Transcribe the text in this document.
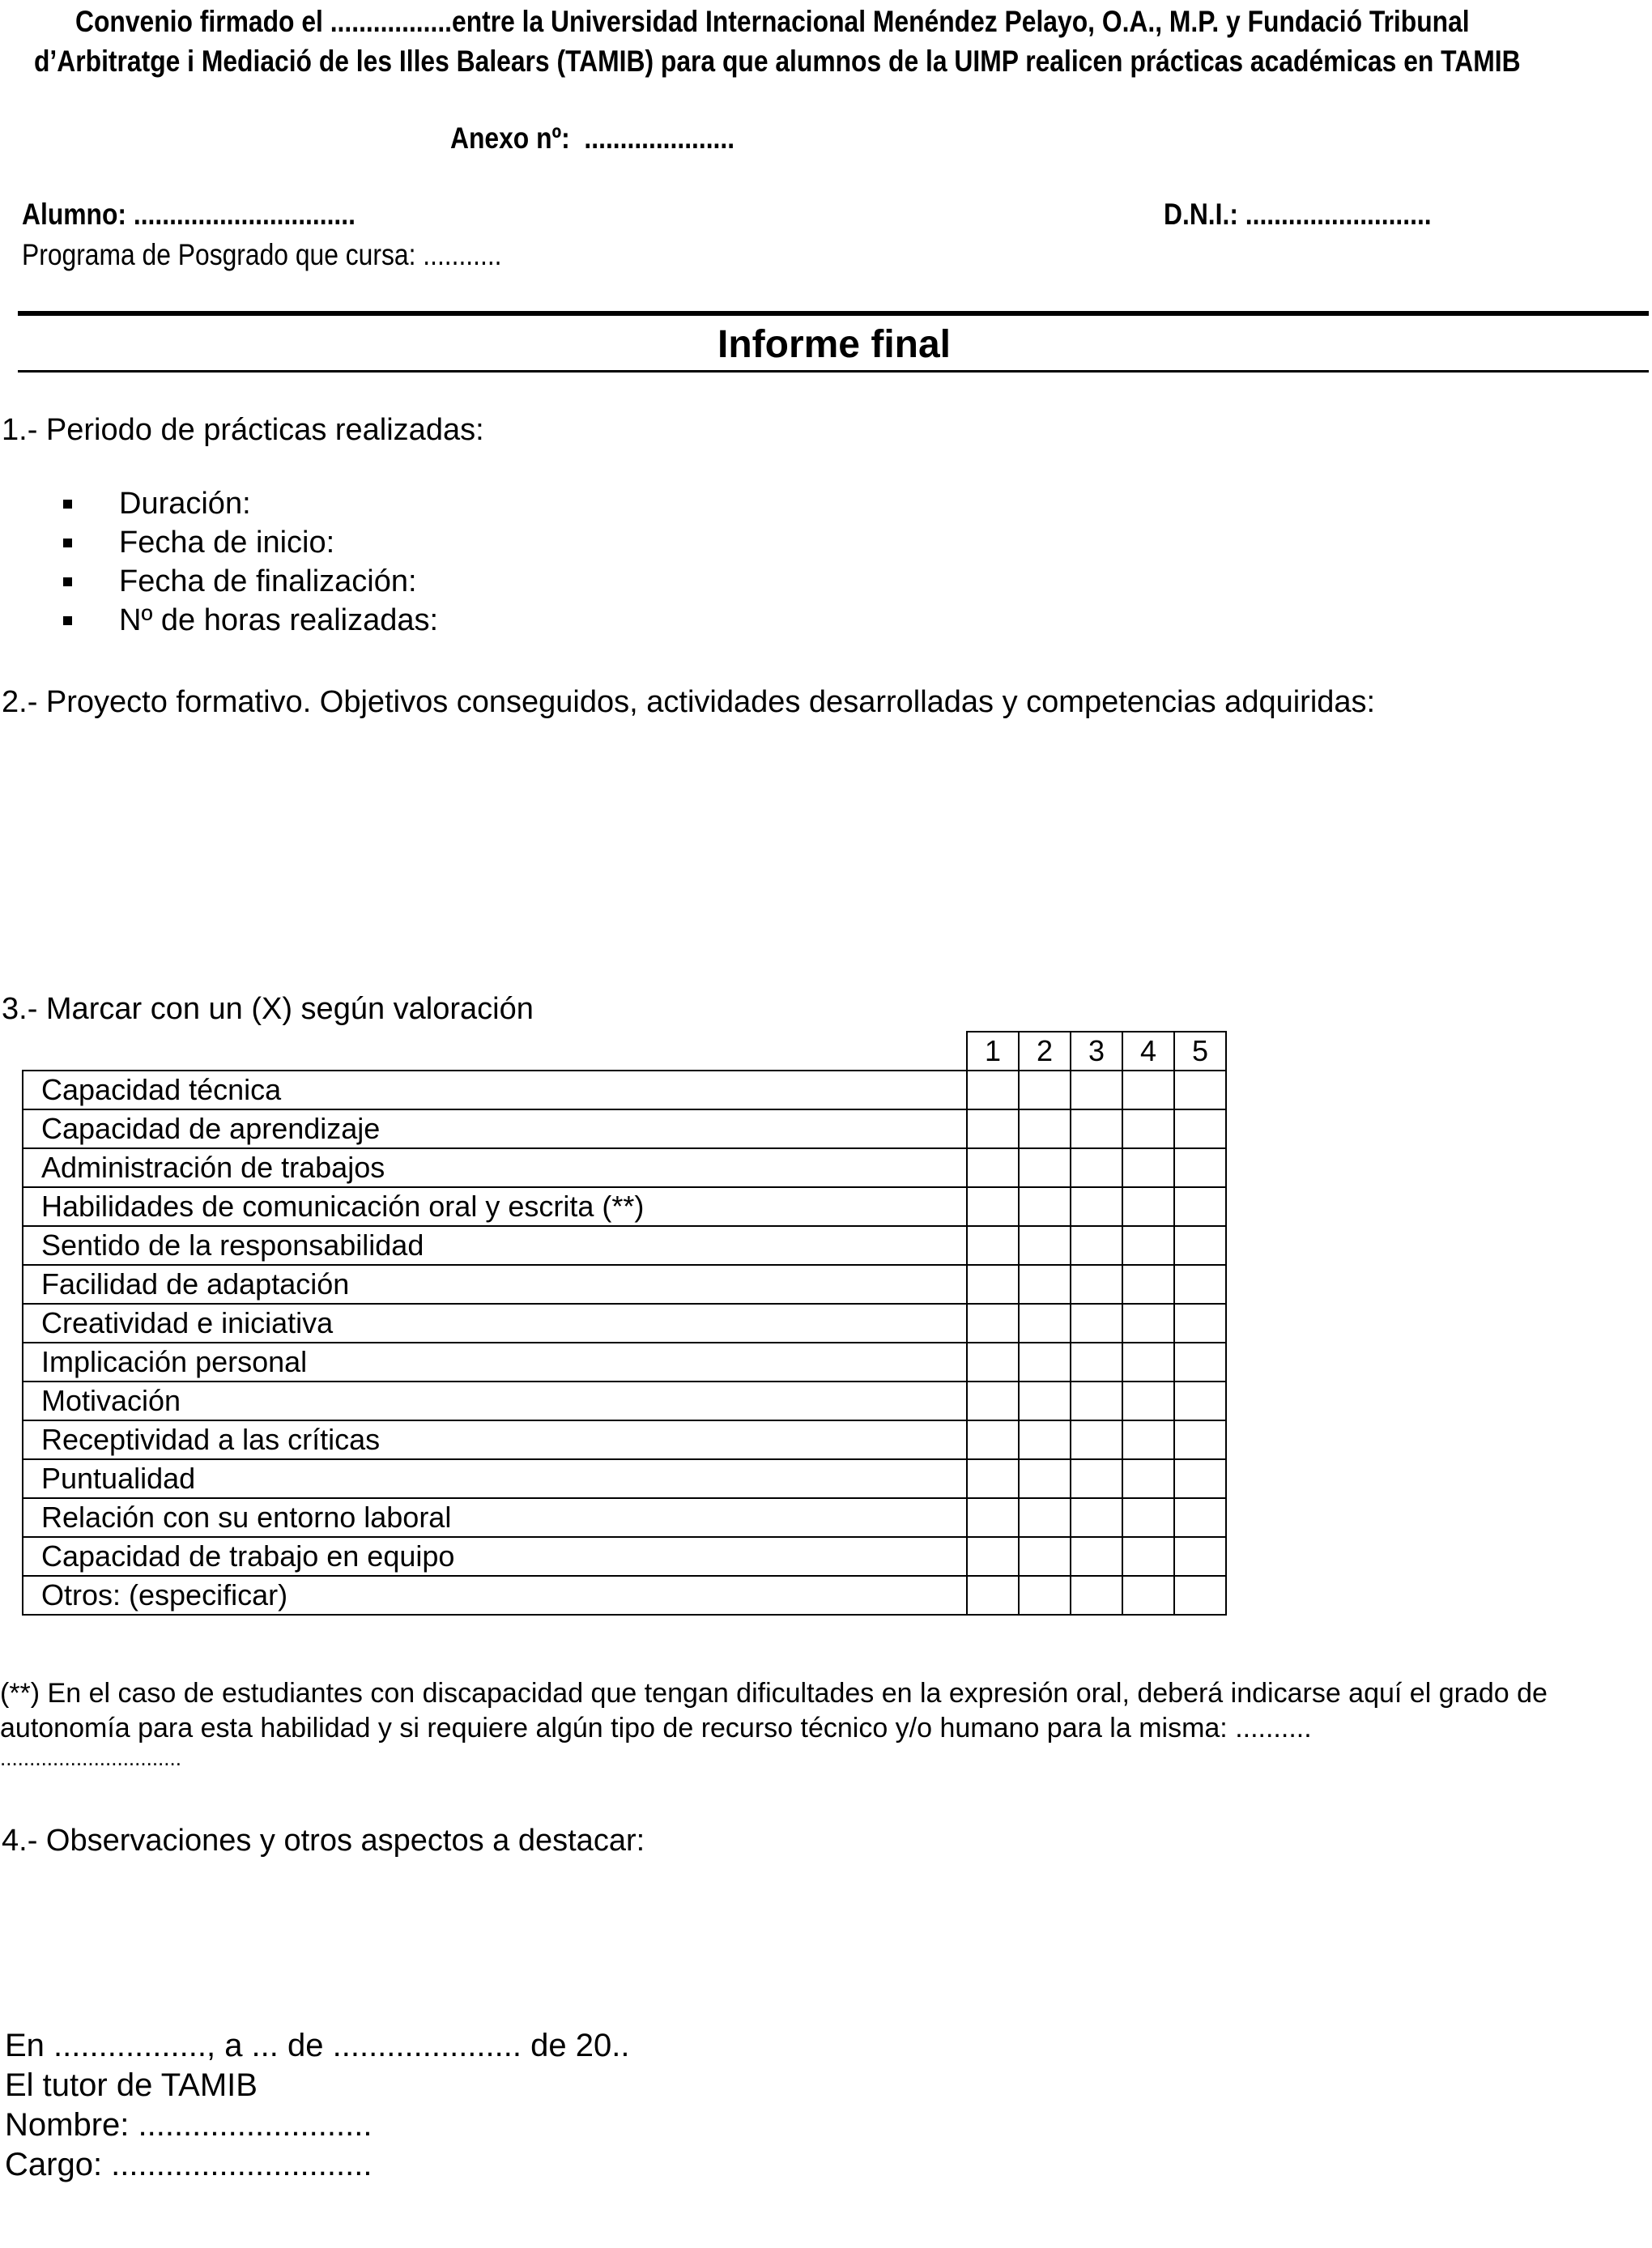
Convenio firmado el .................entre la Universidad Internacional Menéndez Pelayo, O.A., M.P. y Fundació Tribunal
d’Arbitratge i Mediació de les Illes Balears (TAMIB) para que alumnos de la UIMP realicen prácticas académicas en TAMIB
Anexo nº: .....................
Alumno: ...............................	D.N.I.: ..........................
Programa de Posgrado que cursa: ...........
Informe final
1.- Periodo de prácticas realizadas:
Duración:
Fecha de inicio:
Fecha de finalización:
Nº de horas realizadas:
2.- Proyecto formativo. Objetivos conseguidos, actividades desarrolladas y competencias adquiridas:
3.- Marcar con un (X) según valoración
	1	2	3	4	5
Capacidad técnica					
Capacidad de aprendizaje					
Administración de trabajos					
Habilidades de comunicación oral y escrita (**)					
Sentido de la responsabilidad					
Facilidad de adaptación					
Creatividad e iniciativa					
Implicación personal					
Motivación					
Receptividad a las críticas					
Puntualidad					
Relación con su entorno laboral					
Capacidad de trabajo en equipo					
Otros: (especificar)					
(**) En el caso de estudiantes con discapacidad que tengan dificultades en la expresión oral, deberá indicarse aquí el grado de
autonomía para esta habilidad y si requiere algún tipo de recurso técnico y/o humano para la misma: ..........
...............................
4.- Observaciones y otros aspectos a destacar:
En ................., a ... de ..................... de 20..
El tutor de TAMIB
Nombre: ..........................
Cargo: .............................
